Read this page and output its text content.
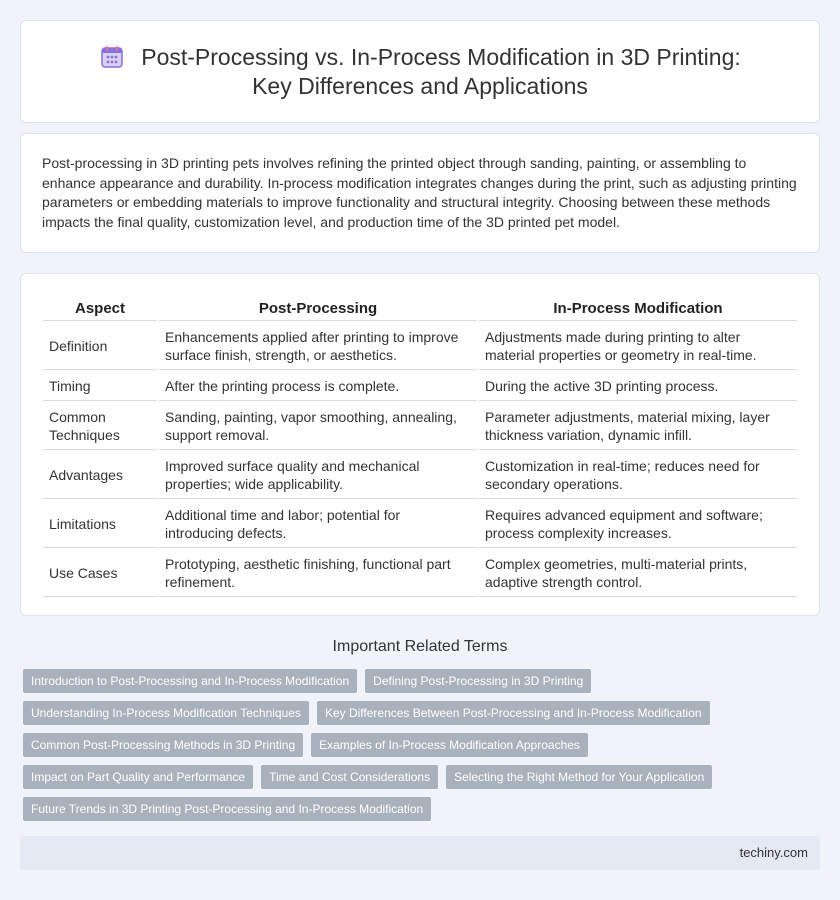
Post-Processing vs. In-Process Modification in 3D Printing: Key Differences and Applications

Post-processing in 3D printing pets involves refining the printed object through sanding, painting, or assembling to enhance appearance and durability. In-process modification integrates changes during the print, such as adjusting printing parameters or embedding materials to improve functionality and structural integrity. Choosing between these methods impacts the final quality, customization level, and production time of the 3D printed pet model.

Aspect	Post-Processing	In-Process Modification
Definition	Enhancements applied after printing to improve surface finish, strength, or aesthetics.	Adjustments made during printing to alter material properties or geometry in real-time.
Timing	After the printing process is complete.	During the active 3D printing process.
Common Techniques	Sanding, painting, vapor smoothing, annealing, support removal.	Parameter adjustments, material mixing, layer thickness variation, dynamic infill.
Advantages	Improved surface quality and mechanical properties; wide applicability.	Customization in real-time; reduces need for secondary operations.
Limitations	Additional time and labor; potential for introducing defects.	Requires advanced equipment and software; process complexity increases.
Use Cases	Prototyping, aesthetic finishing, functional part refinement.	Complex geometries, multi-material prints, adaptive strength control.
Important Related Terms
Introduction to Post-Processing and In-Process Modification	Defining Post-Processing in 3D Printing
Understanding In-Process Modification Techniques	Key Differences Between Post-Processing and In-Process Modification
Common Post-Processing Methods in 3D Printing	Examples of In-Process Modification Approaches
Impact on Part Quality and Performance	Time and Cost Considerations	Selecting the Right Method for Your Application
Future Trends in 3D Printing Post-Processing and In-Process Modification
techiny.com
